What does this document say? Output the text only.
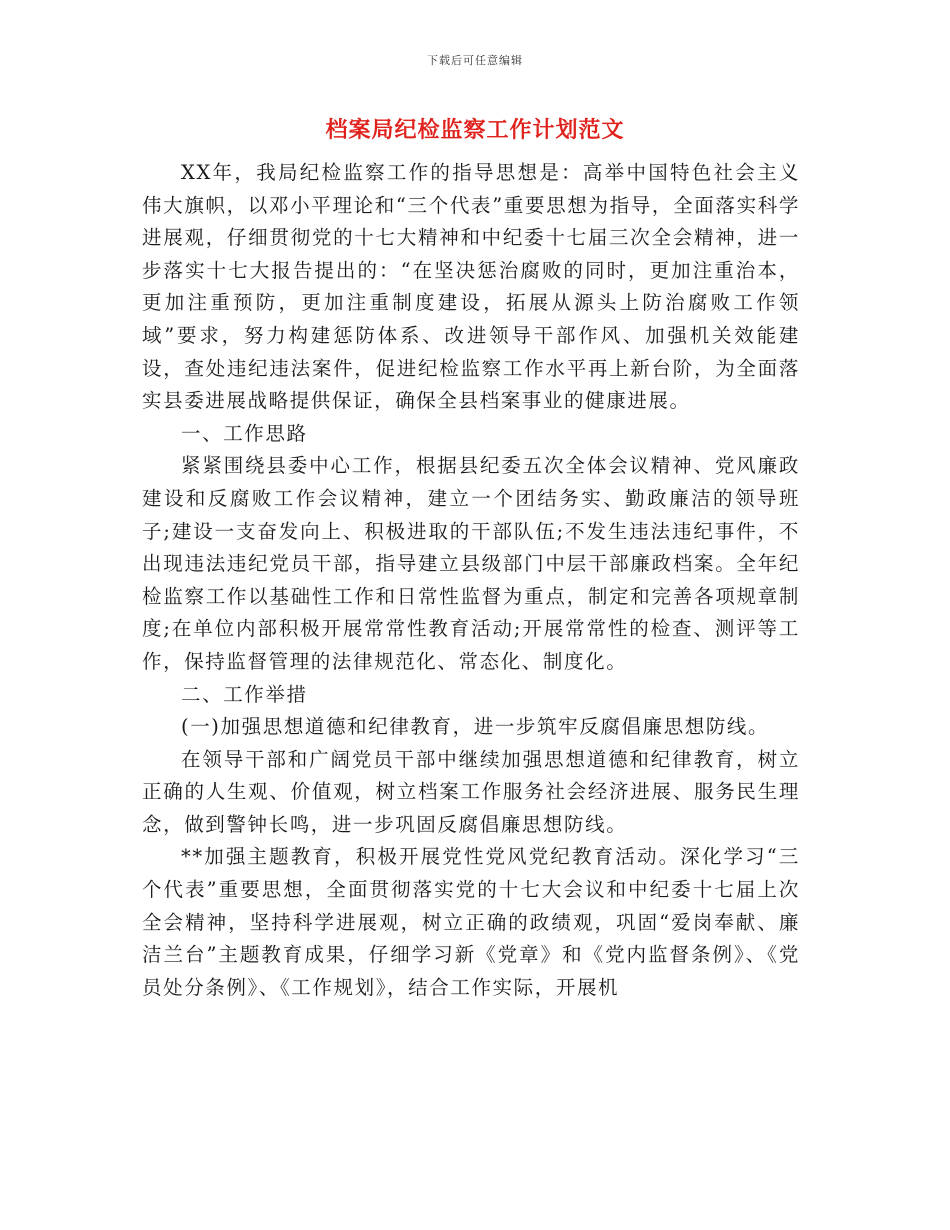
下载后可任意编辑
档案局纪检监察工作计划范文

XX年，我局纪检监察工作的指导思想是：高举中国特色社会主义伟大旗帜，以邓小平理论和“三个代表”重要思想为指导，全面落实科学进展观，仔细贯彻党的十七大精神和中纪委十七届三次全会精神，进一步落实十七大报告提出的：“在坚决惩治腐败的同时，更加注重治本，更加注重预防，更加注重制度建设，拓展从源头上防治腐败工作领域”要求，努力构建惩防体系、改进领导干部作风、加强机关效能建设，查处违纪违法案件，促进纪检监察工作水平再上新台阶，为全面落实县委进展战略提供保证，确保全县档案事业的健康进展。

一、工作思路

紧紧围绕县委中心工作，根据县纪委五次全体会议精神、党风廉政建设和反腐败工作会议精神，建立一个团结务实、勤政廉洁的领导班子;建设一支奋发向上、积极进取的干部队伍;不发生违法违纪事件，不出现违法违纪党员干部，指导建立县级部门中层干部廉政档案。全年纪检监察工作以基础性工作和日常性监督为重点，制定和完善各项规章制度;在单位内部积极开展常常性教育活动;开展常常性的检查、测评等工作，保持监督管理的法律规范化、常态化、制度化。

二、工作举措

(一)加强思想道德和纪律教育，进一步筑牢反腐倡廉思想防线。

在领导干部和广阔党员干部中继续加强思想道德和纪律教育，树立正确的人生观、价值观，树立档案工作服务社会经济进展、服务民生理念，做到警钟长鸣，进一步巩固反腐倡廉思想防线。

**加强主题教育，积极开展党性党风党纪教育活动。深化学习“三个代表”重要思想，全面贯彻落实党的十七大会议和中纪委十七届上次全会精神，坚持科学进展观，树立正确的政绩观，巩固“爱岗奉献、廉洁兰台”主题教育成果，仔细学习新《党章》和《党内监督条例》、《党员处分条例》、《工作规划》，结合工作实际，开展机
